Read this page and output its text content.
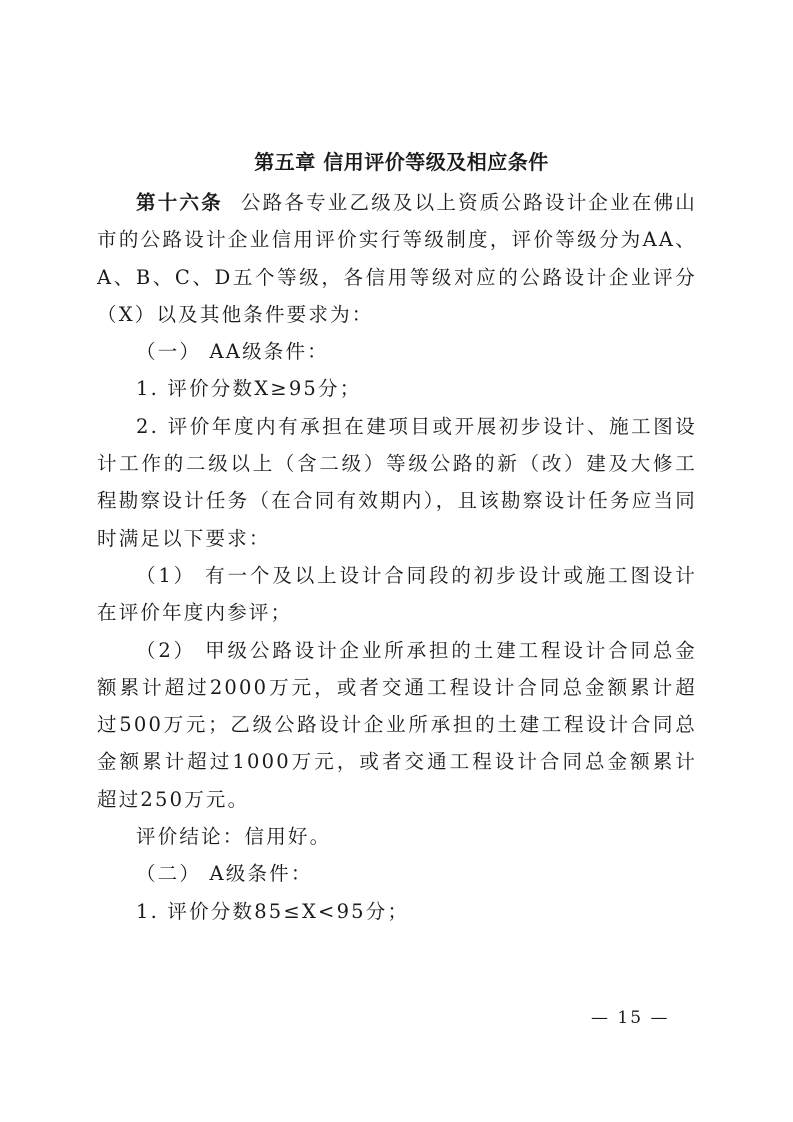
第五章 信用评价等级及相应条件

第十六条 公路各专业乙级及以上资质公路设计企业在佛山市的公路设计企业信用评价实行等级制度，评价等级分为AA、A、B、C、D五个等级，各信用等级对应的公路设计企业评分（X）以及其他条件要求为：

（一） AA级条件：

1. 评价分数X≥95分；

2. 评价年度内有承担在建项目或开展初步设计、施工图设计工作的二级以上（含二级）等级公路的新（改）建及大修工程勘察设计任务（在合同有效期内），且该勘察设计任务应当同时满足以下要求：

（1） 有一个及以上设计合同段的初步设计或施工图设计在评价年度内参评；

（2） 甲级公路设计企业所承担的土建工程设计合同总金额累计超过2000万元，或者交通工程设计合同总金额累计超过500万元；乙级公路设计企业所承担的土建工程设计合同总金额累计超过1000万元，或者交通工程设计合同总金额累计超过250万元。

评价结论：信用好。

（二） A级条件：

1. 评价分数85≤X<95分；

— 15 —
